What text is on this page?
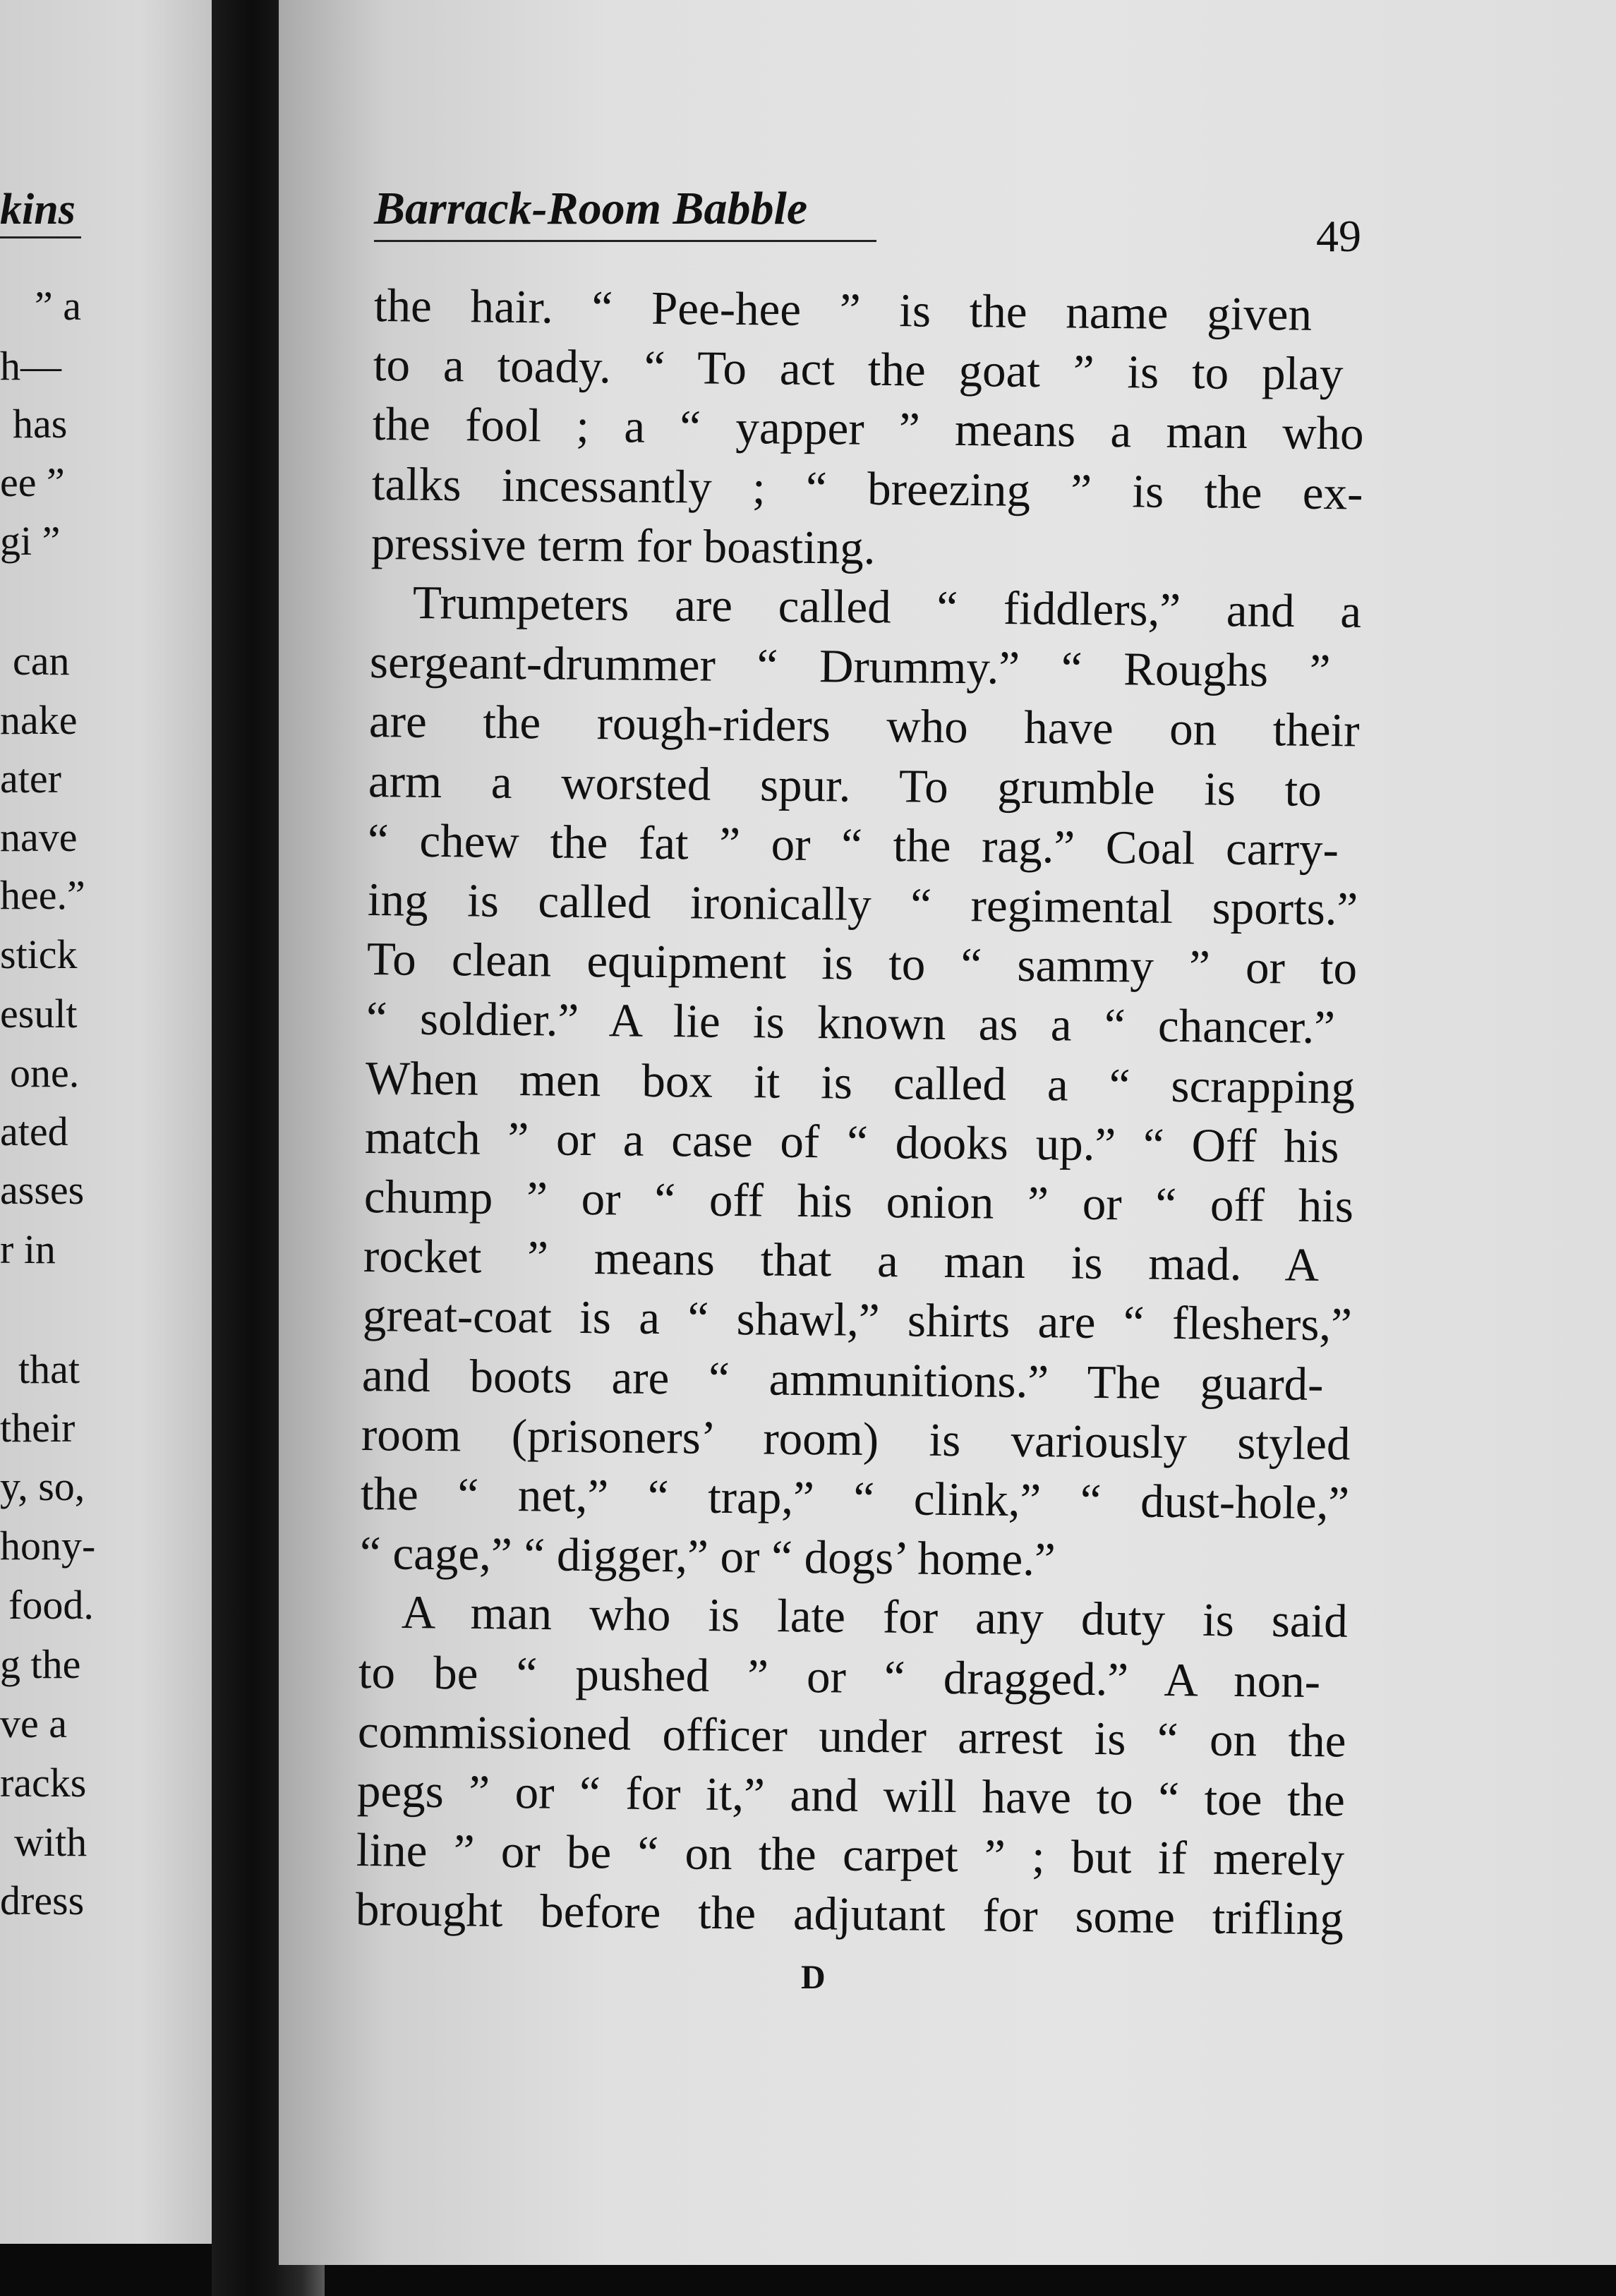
kins
” a
h—
has
ee ”
gi ”
can
nake
ater
nave
hee.”
stick
esult
one.
ated
asses
r in
that
their
y, so,
hony-
food.
g the
ve a
racks
with
dress
Barrack-Room Babble
49
the hair. “ Pee-hee ” is the name given
to a toady. “ To act the goat ” is to play
the fool ; a “ yapper ” means a man who
talks incessantly ; “ breezing ” is the ex-
pressive term for boasting.
Trumpeters are called “ fiddlers,” and a
sergeant-drummer “ Drummy.” “ Roughs ”
are the rough-riders who have on their
arm a worsted spur. To grumble is to
“ chew the fat ” or “ the rag.” Coal carry-
ing is called ironically “ regimental sports.”
To clean equipment is to “ sammy ” or to
“ soldier.” A lie is known as a “ chancer.”
When men box it is called a “ scrapping
match ” or a case of “ dooks up.” “ Off his
chump ” or “ off his onion ” or “ off his
rocket ” means that a man is mad. A
great-coat is a “ shawl,” shirts are “ fleshers,”
and boots are “ ammunitions.” The guard-
room (prisoners’ room) is variously styled
the “ net,” “ trap,” “ clink,” “ dust-hole,”
“ cage,” “ digger,” or “ dogs’ home.”
A man who is late for any duty is said
to be “ pushed ” or “ dragged.” A non-
commissioned officer under arrest is “ on the
pegs ” or “ for it,” and will have to “ toe the
line ” or be “ on the carpet ” ; but if merely
brought before the adjutant for some trifling
D
